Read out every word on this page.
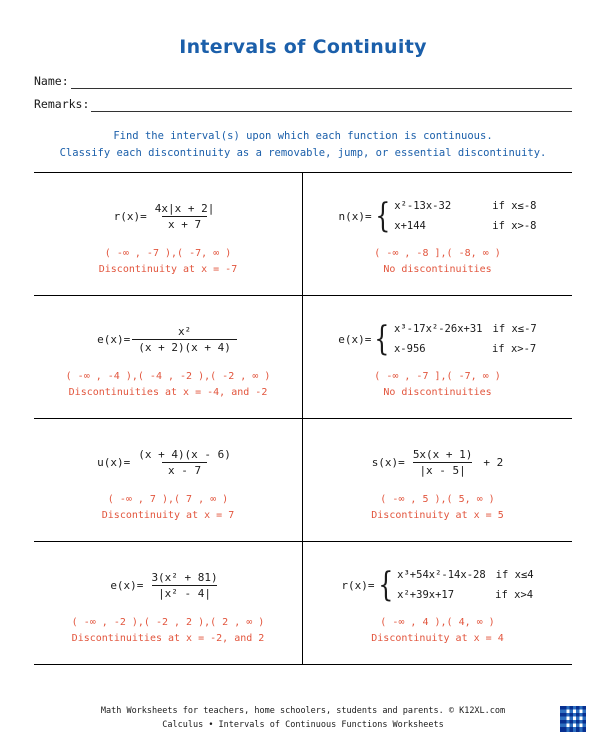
Intervals of Continuity
Name:
Remarks:
Find the interval(s) upon which each function is continuous.
Classify each discontinuity as a removable, jump, or essential discontinuity.
$r(x)= \frac{4x|x + 2|}{x + 7}$
( -∞ , -7 ),( -7, ∞ )
Discontinuity at x = -7
n(x)= { x²-13x-32	if x≤-8
x+144	if x>-8
( -∞ , -8 ],( -8, ∞ )
No discontinuities
$e(x)= \frac{\text{x²}}{(x + 2)(x + 4)}$
( -∞ , -4 ),( -4 , -2 ),( -2 , ∞ )
Discontinuities at x = -4, and -2
e(x)= { x³-17x²-26x+31 if x≤-7
x-956	if x>-7
( -∞ , -7 ],( -7, ∞ )
No discontinuities
$u(x)= \frac{(x + 4)(x - 6)}{x - 7}$
( -∞ , 7 ),( 7 , ∞ )
Discontinuity at x = 7
$s(x)= \frac{5x(x + 1)}{|x - 5|} + 2$
( -∞ , 5 ),( 5, ∞ )
Discontinuity at x = 5
$e(x)= \frac{\text{3(x² + 81)}}{\text{|x² - 4|}}$
( -∞ , -2 ),( -2 , 2 ),( 2 , ∞ )
Discontinuities at x = -2, and 2
r(x)= { x³+54x²-14x-28 if x≤4
x²+39x+17	if x>4
( -∞ , 4 ),( 4, ∞ )
Discontinuity at x = 4
Math Worksheets for teachers, home schoolers, students and parents. © K12XL.com
Calculus • Intervals of Continuous Functions Worksheets
